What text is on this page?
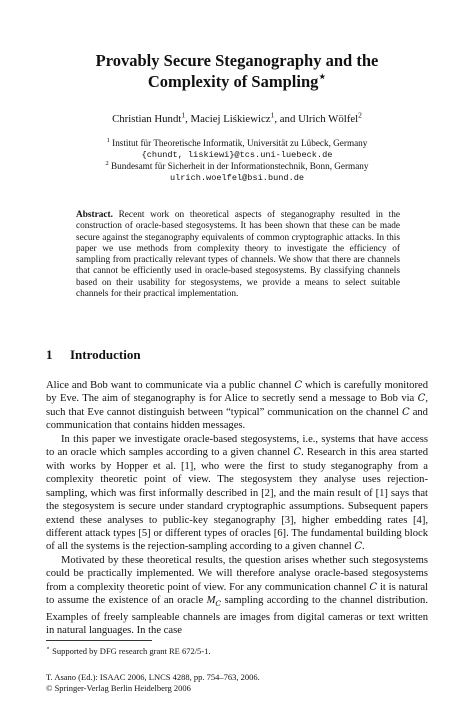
Provably Secure Steganography and the
Complexity of Sampling⋆
Christian Hundt$^1$, Maciej Liśkiewicz$^1$, and Ulrich Wölfel$^2$
$^1$ Institut für Theoretische Informatik, Universität zu Lübeck, Germany
{chundt, liskiewi}@tcs.uni-luebeck.de
$^2$ Bundesamt für Sicherheit in der Informationstechnik, Bonn, Germany
ulrich.woelfel@bsi.bund.de
Abstract. Recent work on theoretical aspects of steganography resulted in the construction of oracle-based stegosystems. It has been shown that these can be made secure against the steganography equivalents of common cryptographic attacks. In this paper we use methods from complexity theory to investigate the efficiency of sampling from practically relevant types of channels. We show that there are channels that cannot be efficiently used in oracle-based stegosystems. By classifying channels based on their usability for stegosystems, we provide a means to select suitable channels for their practical implementation.
1 Introduction

Alice and Bob want to communicate via a public channel C which is carefully monitored by Eve. The aim of steganography is for Alice to secretly send a message to Bob via C, such that Eve cannot distinguish between “typical” communication on the channel C and communication that contains hidden messages.

In this paper we investigate oracle-based stegosystems, i.e., systems that have access to an oracle which samples according to a given channel C. Research in this area started with works by Hopper et al. [1], who were the first to study steganography from a complexity theoretic point of view. The stegosystem they analyse uses rejection-sampling, which was first informally described in [2], and the main result of [1] says that the stegosystem is secure under standard cryptographic assumptions. Subsequent papers extend these analyses to public-key steganography [3], higher embedding rates [4], different attack types [5] or different types of oracles [6]. The fundamental building block of all the systems is the rejection-sampling according to a given channel C.

Motivated by these theoretical results, the question arises whether such stegosystems could be practically implemented. We will therefore analyse oracle-based stegosystems from a complexity theoretic point of view. For any communication channel C it is natural to assume the existence of an oracle $M_C$ sampling according to the channel distribution. Examples of freely sampleable channels are images from digital cameras or text written in natural languages. In the case

⋆ Supported by DFG research grant RE 672/5-1.
T. Asano (Ed.): ISAAC 2006, LNCS 4288, pp. 754–763, 2006.
© Springer-Verlag Berlin Heidelberg 2006
